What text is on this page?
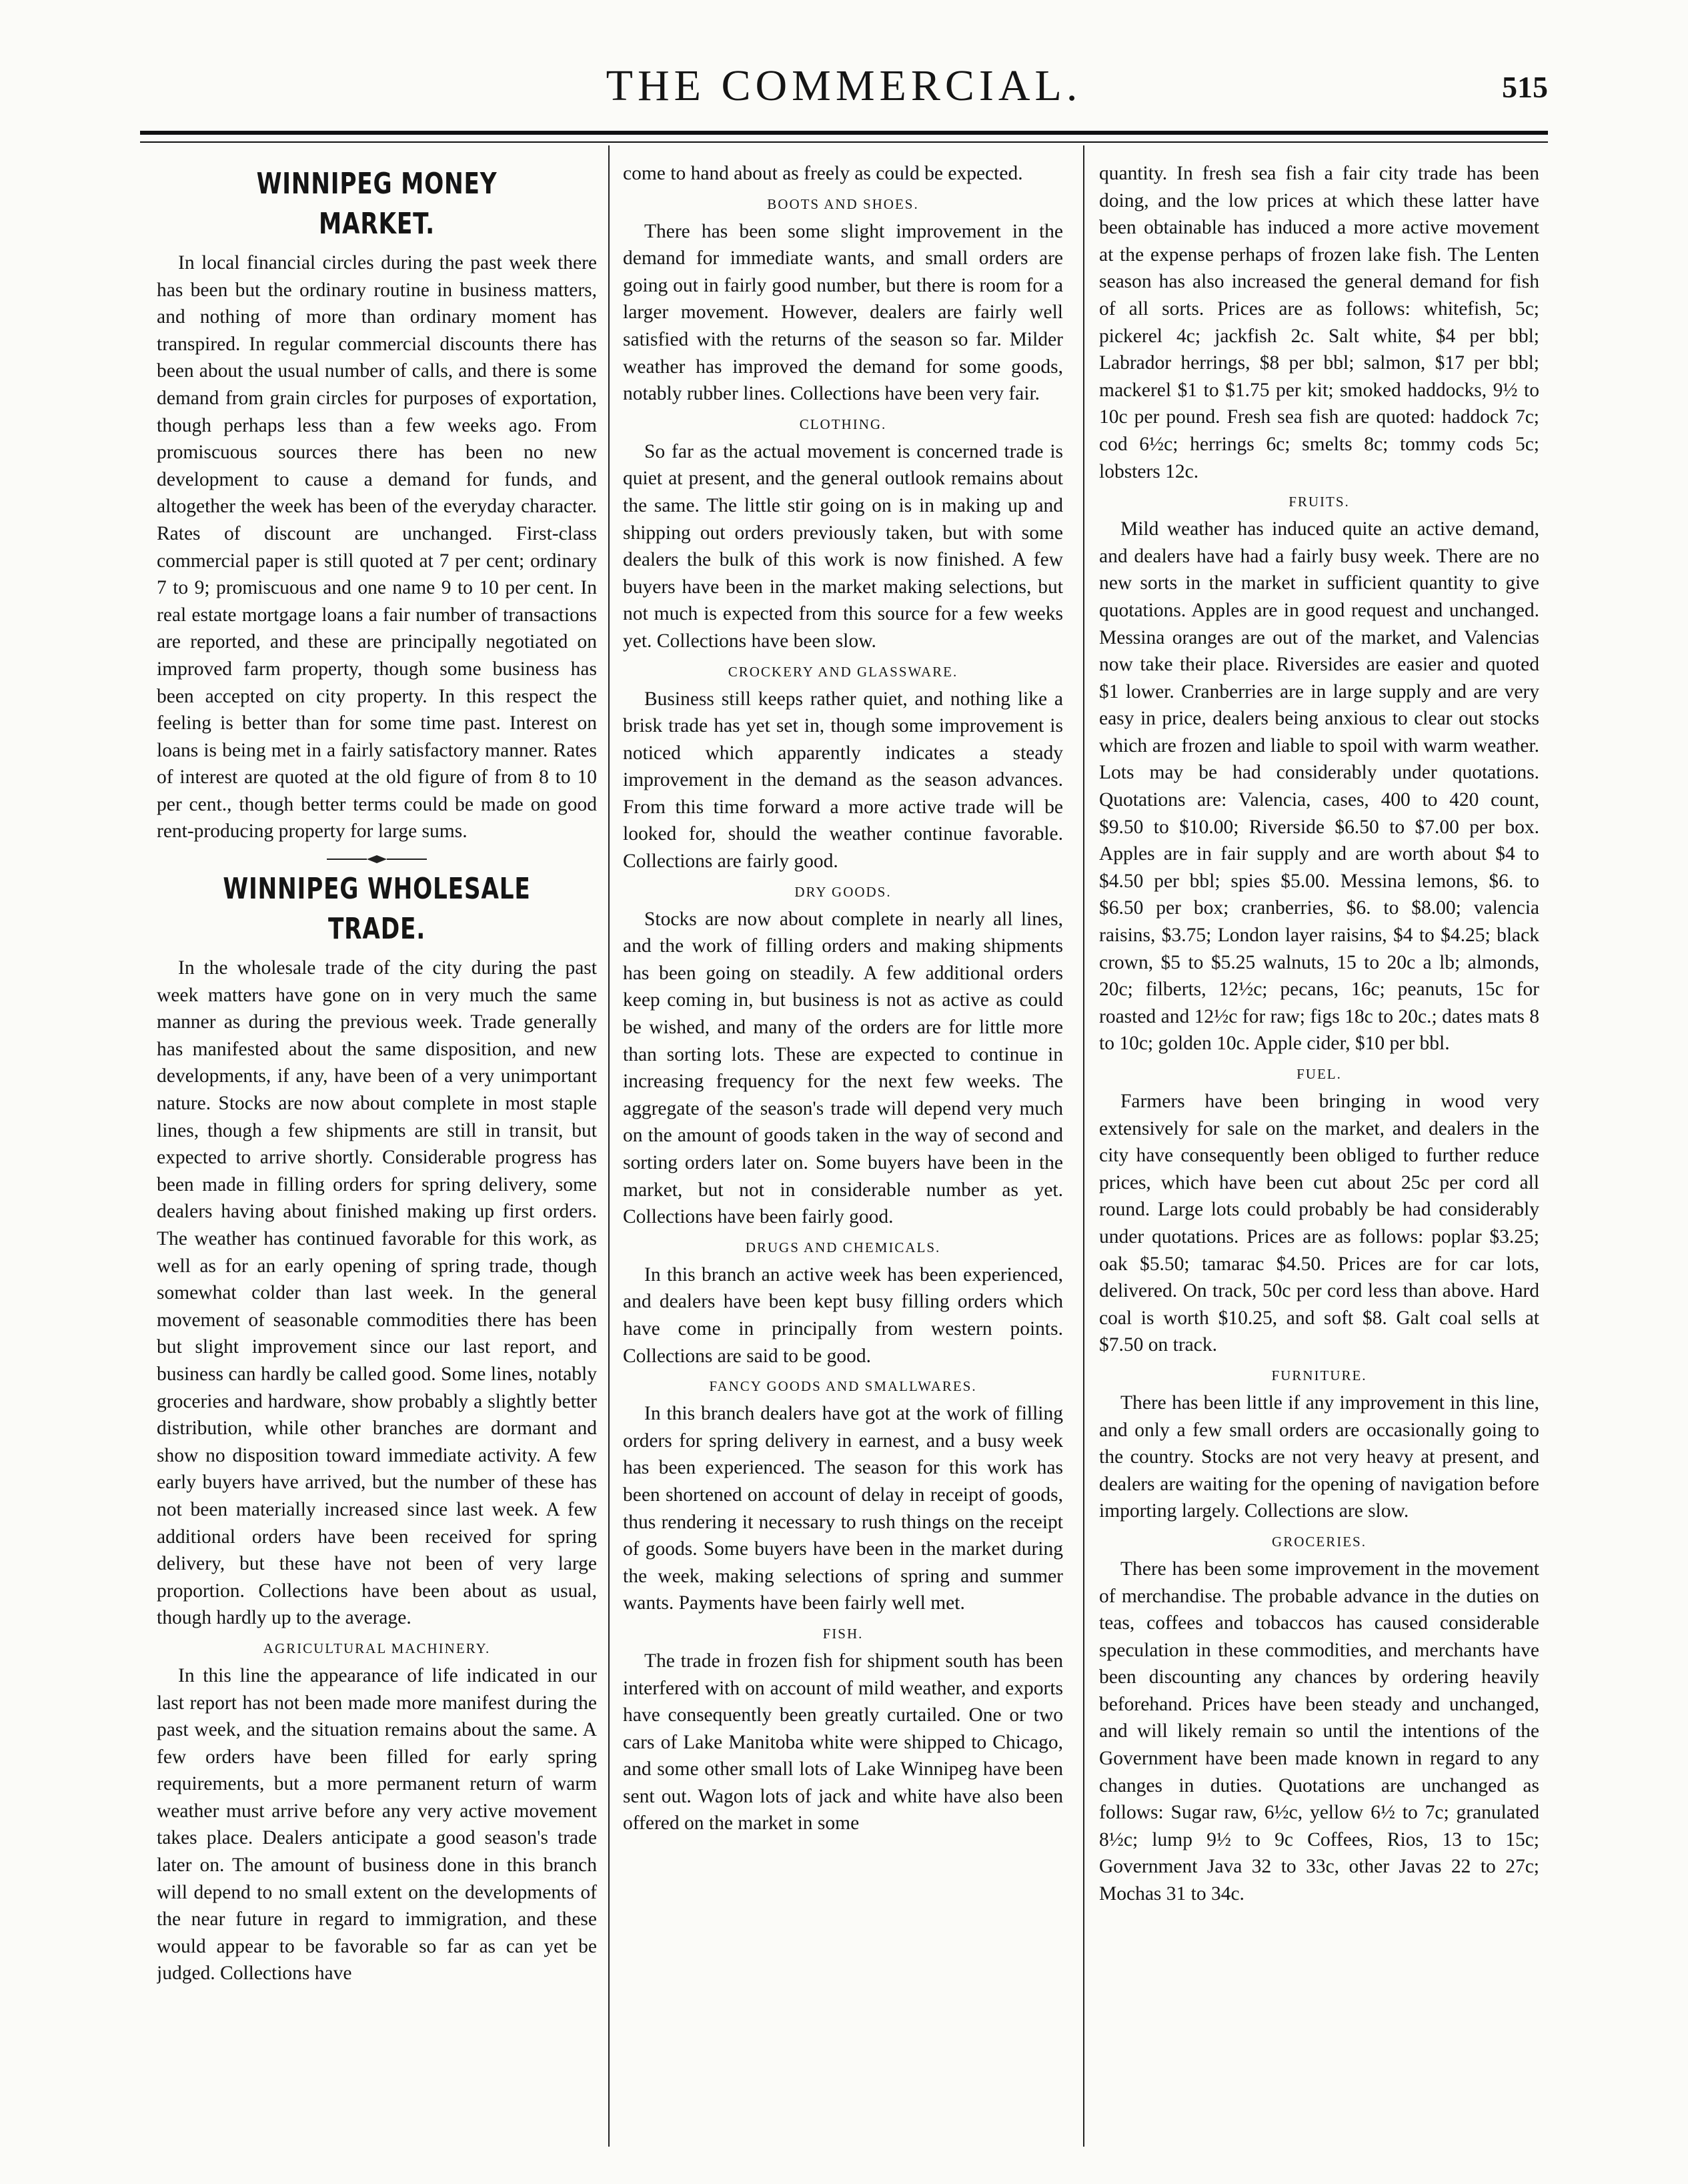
THE COMMERCIAL.	515
WINNIPEG MONEY MARKET.

In local financial circles during the past week there has been but the ordinary routine in business matters, and nothing of more than ordinary moment has transpired. In regular commercial discounts there has been about the usual number of calls, and there is some demand from grain circles for purposes of exportation, though perhaps less than a few weeks ago. From promiscuous sources there has been no new development to cause a demand for funds, and altogether the week has been of the everyday character. Rates of discount are unchanged. First-class commercial paper is still quoted at 7 per cent; ordinary 7 to 9; promiscuous and one name 9 to 10 per cent. In real estate mortgage loans a fair number of transactions are reported, and these are principally negotiated on improved farm property, though some business has been accepted on city property. In this respect the feeling is better than for some time past. Interest on loans is being met in a fairly satisfactory manner. Rates of interest are quoted at the old figure of from 8 to 10 per cent., though better terms could be made on good rent-producing property for large sums.

WINNIPEG WHOLESALE TRADE.

In the wholesale trade of the city during the past week matters have gone on in very much the same manner as during the previous week. Trade generally has manifested about the same disposition, and new developments, if any, have been of a very unimportant nature. Stocks are now about complete in most staple lines, though a few shipments are still in transit, but expected to arrive shortly. Considerable progress has been made in filling orders for spring delivery, some dealers having about finished making up first orders. The weather has continued favorable for this work, as well as for an early opening of spring trade, though somewhat colder than last week. In the general movement of seasonable commodities there has been but slight improvement since our last report, and business can hardly be called good. Some lines, notably groceries and hardware, show probably a slightly better distribution, while other branches are dormant and show no disposition toward immediate activity. A few early buyers have arrived, but the number of these has not been materially increased since last week. A few additional orders have been received for spring delivery, but these have not been of very large proportion. Collections have been about as usual, though hardly up to the average.

AGRICULTURAL MACHINERY.

In this line the appearance of life indicated in our last report has not been made more manifest during the past week, and the situation remains about the same. A few orders have been filled for early spring requirements, but a more permanent return of warm weather must arrive before any very active movement takes place. Dealers anticipate a good season's trade later on. The amount of business done in this branch will depend to no small extent on the developments of the near future in regard to immigration, and these would appear to be favorable so far as can yet be judged. Collections have

come to hand about as freely as could be expected.

BOOTS AND SHOES.

There has been some slight improvement in the demand for immediate wants, and small orders are going out in fairly good number, but there is room for a larger movement. However, dealers are fairly well satisfied with the returns of the season so far. Milder weather has improved the demand for some goods, notably rubber lines. Collections have been very fair.

CLOTHING.

So far as the actual movement is concerned trade is quiet at present, and the general outlook remains about the same. The little stir going on is in making up and shipping out orders previously taken, but with some dealers the bulk of this work is now finished. A few buyers have been in the market making selections, but not much is expected from this source for a few weeks yet. Collections have been slow.

CROCKERY AND GLASSWARE.

Business still keeps rather quiet, and nothing like a brisk trade has yet set in, though some improvement is noticed which apparently indicates a steady improvement in the demand as the season advances. From this time forward a more active trade will be looked for, should the weather continue favorable. Collections are fairly good.

DRY GOODS.

Stocks are now about complete in nearly all lines, and the work of filling orders and making shipments has been going on steadily. A few additional orders keep coming in, but business is not as active as could be wished, and many of the orders are for little more than sorting lots. These are expected to continue in increasing frequency for the next few weeks. The aggregate of the season's trade will depend very much on the amount of goods taken in the way of second and sorting orders later on. Some buyers have been in the market, but not in considerable number as yet. Collections have been fairly good.

DRUGS AND CHEMICALS.

In this branch an active week has been experienced, and dealers have been kept busy filling orders which have come in principally from western points. Collections are said to be good.

FANCY GOODS AND SMALLWARES.

In this branch dealers have got at the work of filling orders for spring delivery in earnest, and a busy week has been experienced. The season for this work has been shortened on account of delay in receipt of goods, thus rendering it necessary to rush things on the receipt of goods. Some buyers have been in the market during the week, making selections of spring and summer wants. Payments have been fairly well met.

FISH.

The trade in frozen fish for shipment south has been interfered with on account of mild weather, and exports have consequently been greatly curtailed. One or two cars of Lake Manitoba white were shipped to Chicago, and some other small lots of Lake Winnipeg have been sent out. Wagon lots of jack and white have also been offered on the market in some

quantity. In fresh sea fish a fair city trade has been doing, and the low prices at which these latter have been obtainable has induced a more active movement at the expense perhaps of frozen lake fish. The Lenten season has also increased the general demand for fish of all sorts. Prices are as follows: whitefish, 5c; pickerel 4c; jackfish 2c. Salt white, $4 per bbl; Labrador herrings, $8 per bbl; salmon, $17 per bbl; mackerel $1 to $1.75 per kit; smoked haddocks, 9½ to 10c per pound. Fresh sea fish are quoted: haddock 7c; cod 6½c; herrings 6c; smelts 8c; tommy cods 5c; lobsters 12c.

FRUITS.

Mild weather has induced quite an active demand, and dealers have had a fairly busy week. There are no new sorts in the market in sufficient quantity to give quotations. Apples are in good request and unchanged. Messina oranges are out of the market, and Valencias now take their place. Riversides are easier and quoted $1 lower. Cranberries are in large supply and are very easy in price, dealers being anxious to clear out stocks which are frozen and liable to spoil with warm weather. Lots may be had considerably under quotations. Quotations are: Valencia, cases, 400 to 420 count, $9.50 to $10.00; Riverside $6.50 to $7.00 per box. Apples are in fair supply and are worth about $4 to $4.50 per bbl; spies $5.00. Messina lemons, $6. to $6.50 per box; cranberries, $6. to $8.00; valencia raisins, $3.75; London layer raisins, $4 to $4.25; black crown, $5 to $5.25 walnuts, 15 to 20c a lb; almonds, 20c; filberts, 12½c; pecans, 16c; peanuts, 15c for roasted and 12½c for raw; figs 18c to 20c.; dates mats 8 to 10c; golden 10c. Apple cider, $10 per bbl.

FUEL.

Farmers have been bringing in wood very extensively for sale on the market, and dealers in the city have consequently been obliged to further reduce prices, which have been cut about 25c per cord all round. Large lots could probably be had considerably under quotations. Prices are as follows: poplar $3.25; oak $5.50; tamarac $4.50. Prices are for car lots, delivered. On track, 50c per cord less than above. Hard coal is worth $10.25, and soft $8. Galt coal sells at $7.50 on track.

FURNITURE.

There has been little if any improvement in this line, and only a few small orders are occasionally going to the country. Stocks are not very heavy at present, and dealers are waiting for the opening of navigation before importing largely. Collections are slow.

GROCERIES.

There has been some improvement in the movement of merchandise. The probable advance in the duties on teas, coffees and tobaccos has caused considerable speculation in these commodities, and merchants have been discounting any chances by ordering heavily beforehand. Prices have been steady and unchanged, and will likely remain so until the intentions of the Government have been made known in regard to any changes in duties. Quotations are unchanged as follows: Sugar raw, 6½c, yellow 6½ to 7c; granulated 8½c; lump 9½ to 9c Coffees, Rios, 13 to 15c; Government Java 32 to 33c, other Javas 22 to 27c; Mochas 31 to 34c.
